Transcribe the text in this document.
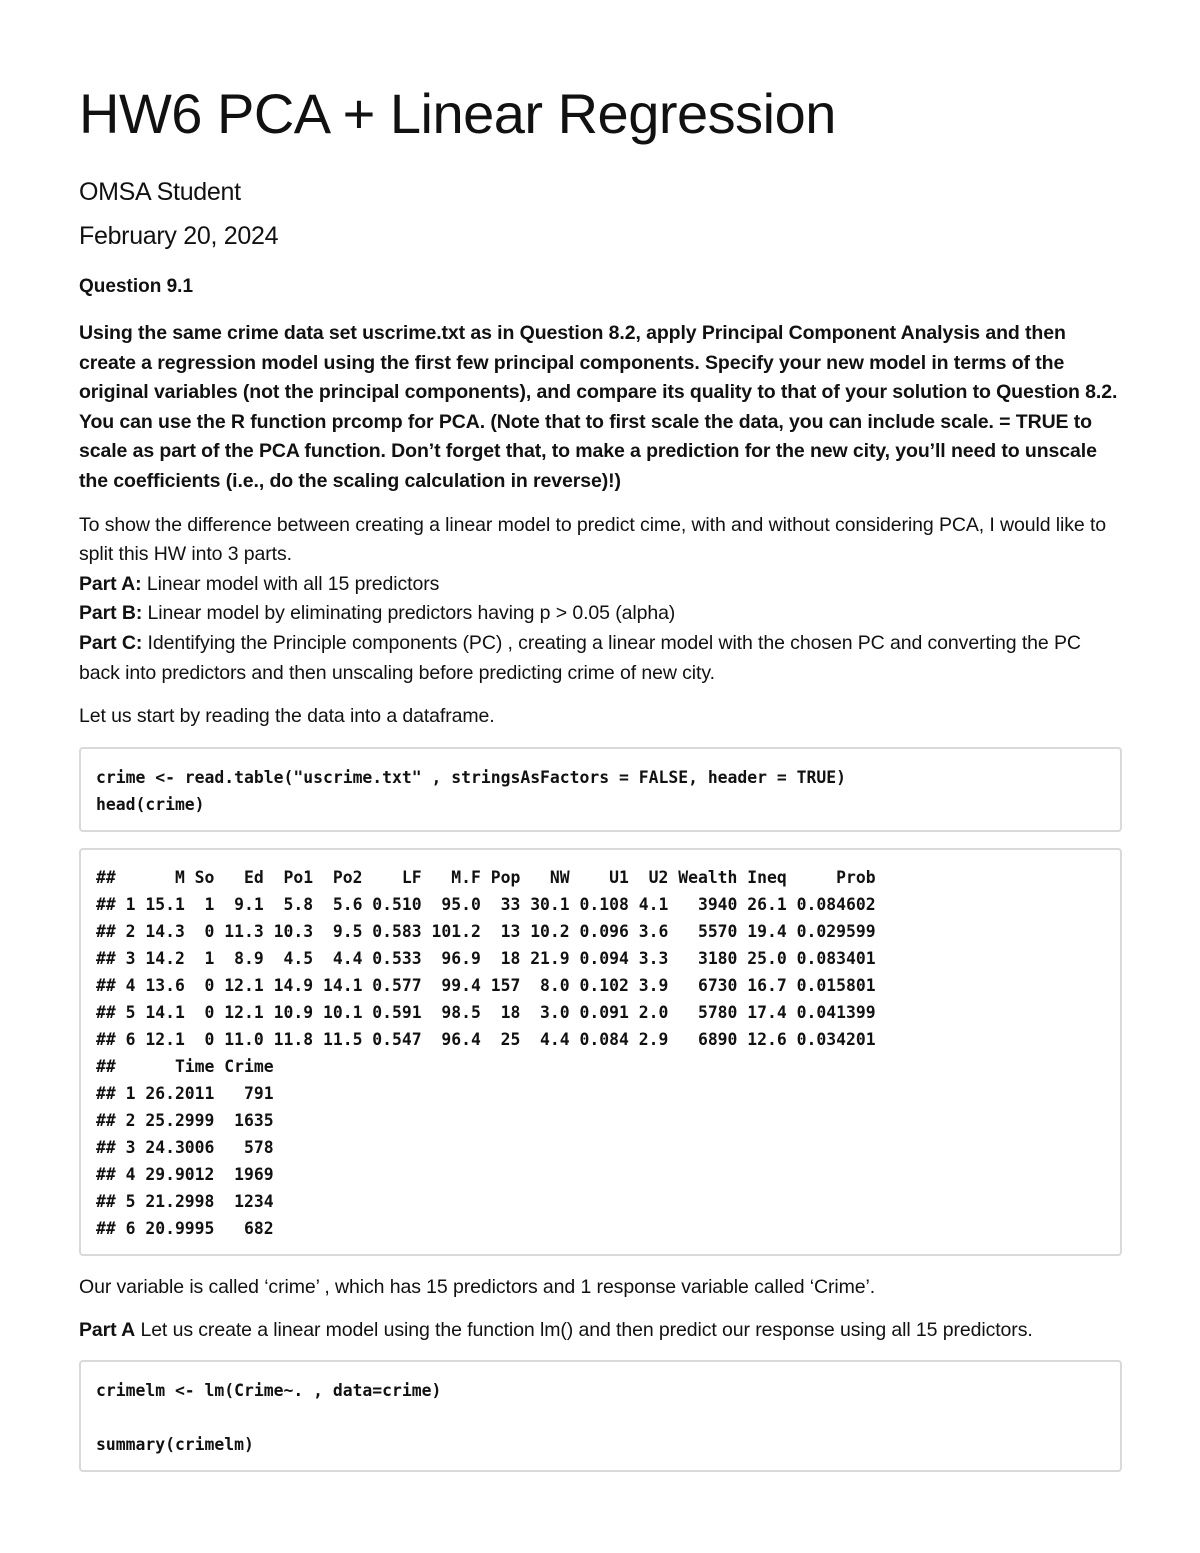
HW6 PCA + Linear Regression

OMSA Student

February 20, 2024

Question 9.1

Using the same crime data set uscrime.txt as in Question 8.2, apply Principal Component Analysis and then create a regression model using the first few principal components. Specify your new model in terms of the original variables (not the principal components), and compare its quality to that of your solution to Question 8.2. You can use the R function prcomp for PCA. (Note that to first scale the data, you can include scale. = TRUE to scale as part of the PCA function. Don’t forget that, to make a prediction for the new city, you’ll need to unscale the coefficients (i.e., do the scaling calculation in reverse)!)

To show the difference between creating a linear model to predict cime, with and without considering PCA, I would like to split this HW into 3 parts.
Part A: Linear model with all 15 predictors
Part B: Linear model by eliminating predictors having p > 0.05 (alpha)
Part C: Identifying the Principle components (PC) , creating a linear model with the chosen PC and converting the PC back into predictors and then unscaling before predicting crime of new city.

Let us start by reading the data into a dataframe.

crime <- read.table("uscrime.txt" , stringsAsFactors = FALSE, header = TRUE)
head(crime)
##      M So   Ed  Po1  Po2    LF   M.F Pop   NW    U1  U2 Wealth Ineq     Prob
## 1 15.1  1  9.1  5.8  5.6 0.510  95.0  33 30.1 0.108 4.1   3940 26.1 0.084602
## 2 14.3  0 11.3 10.3  9.5 0.583 101.2  13 10.2 0.096 3.6   5570 19.4 0.029599
## 3 14.2  1  8.9  4.5  4.4 0.533  96.9  18 21.9 0.094 3.3   3180 25.0 0.083401
## 4 13.6  0 12.1 14.9 14.1 0.577  99.4 157  8.0 0.102 3.9   6730 16.7 0.015801
## 5 14.1  0 12.1 10.9 10.1 0.591  98.5  18  3.0 0.091 2.0   5780 17.4 0.041399
## 6 12.1  0 11.0 11.8 11.5 0.547  96.4  25  4.4 0.084 2.9   6890 12.6 0.034201
##      Time Crime
## 1 26.2011   791
## 2 25.2999  1635
## 3 24.3006   578
## 4 29.9012  1969
## 5 21.2998  1234
## 6 20.9995   682

Our variable is called ‘crime’ , which has 15 predictors and 1 response variable called ‘Crime’.

Part A Let us create a linear model using the function lm() and then predict our response using all 15 predictors.

crimelm <- lm(Crime~. , data=crime)
summary(crimelm)
